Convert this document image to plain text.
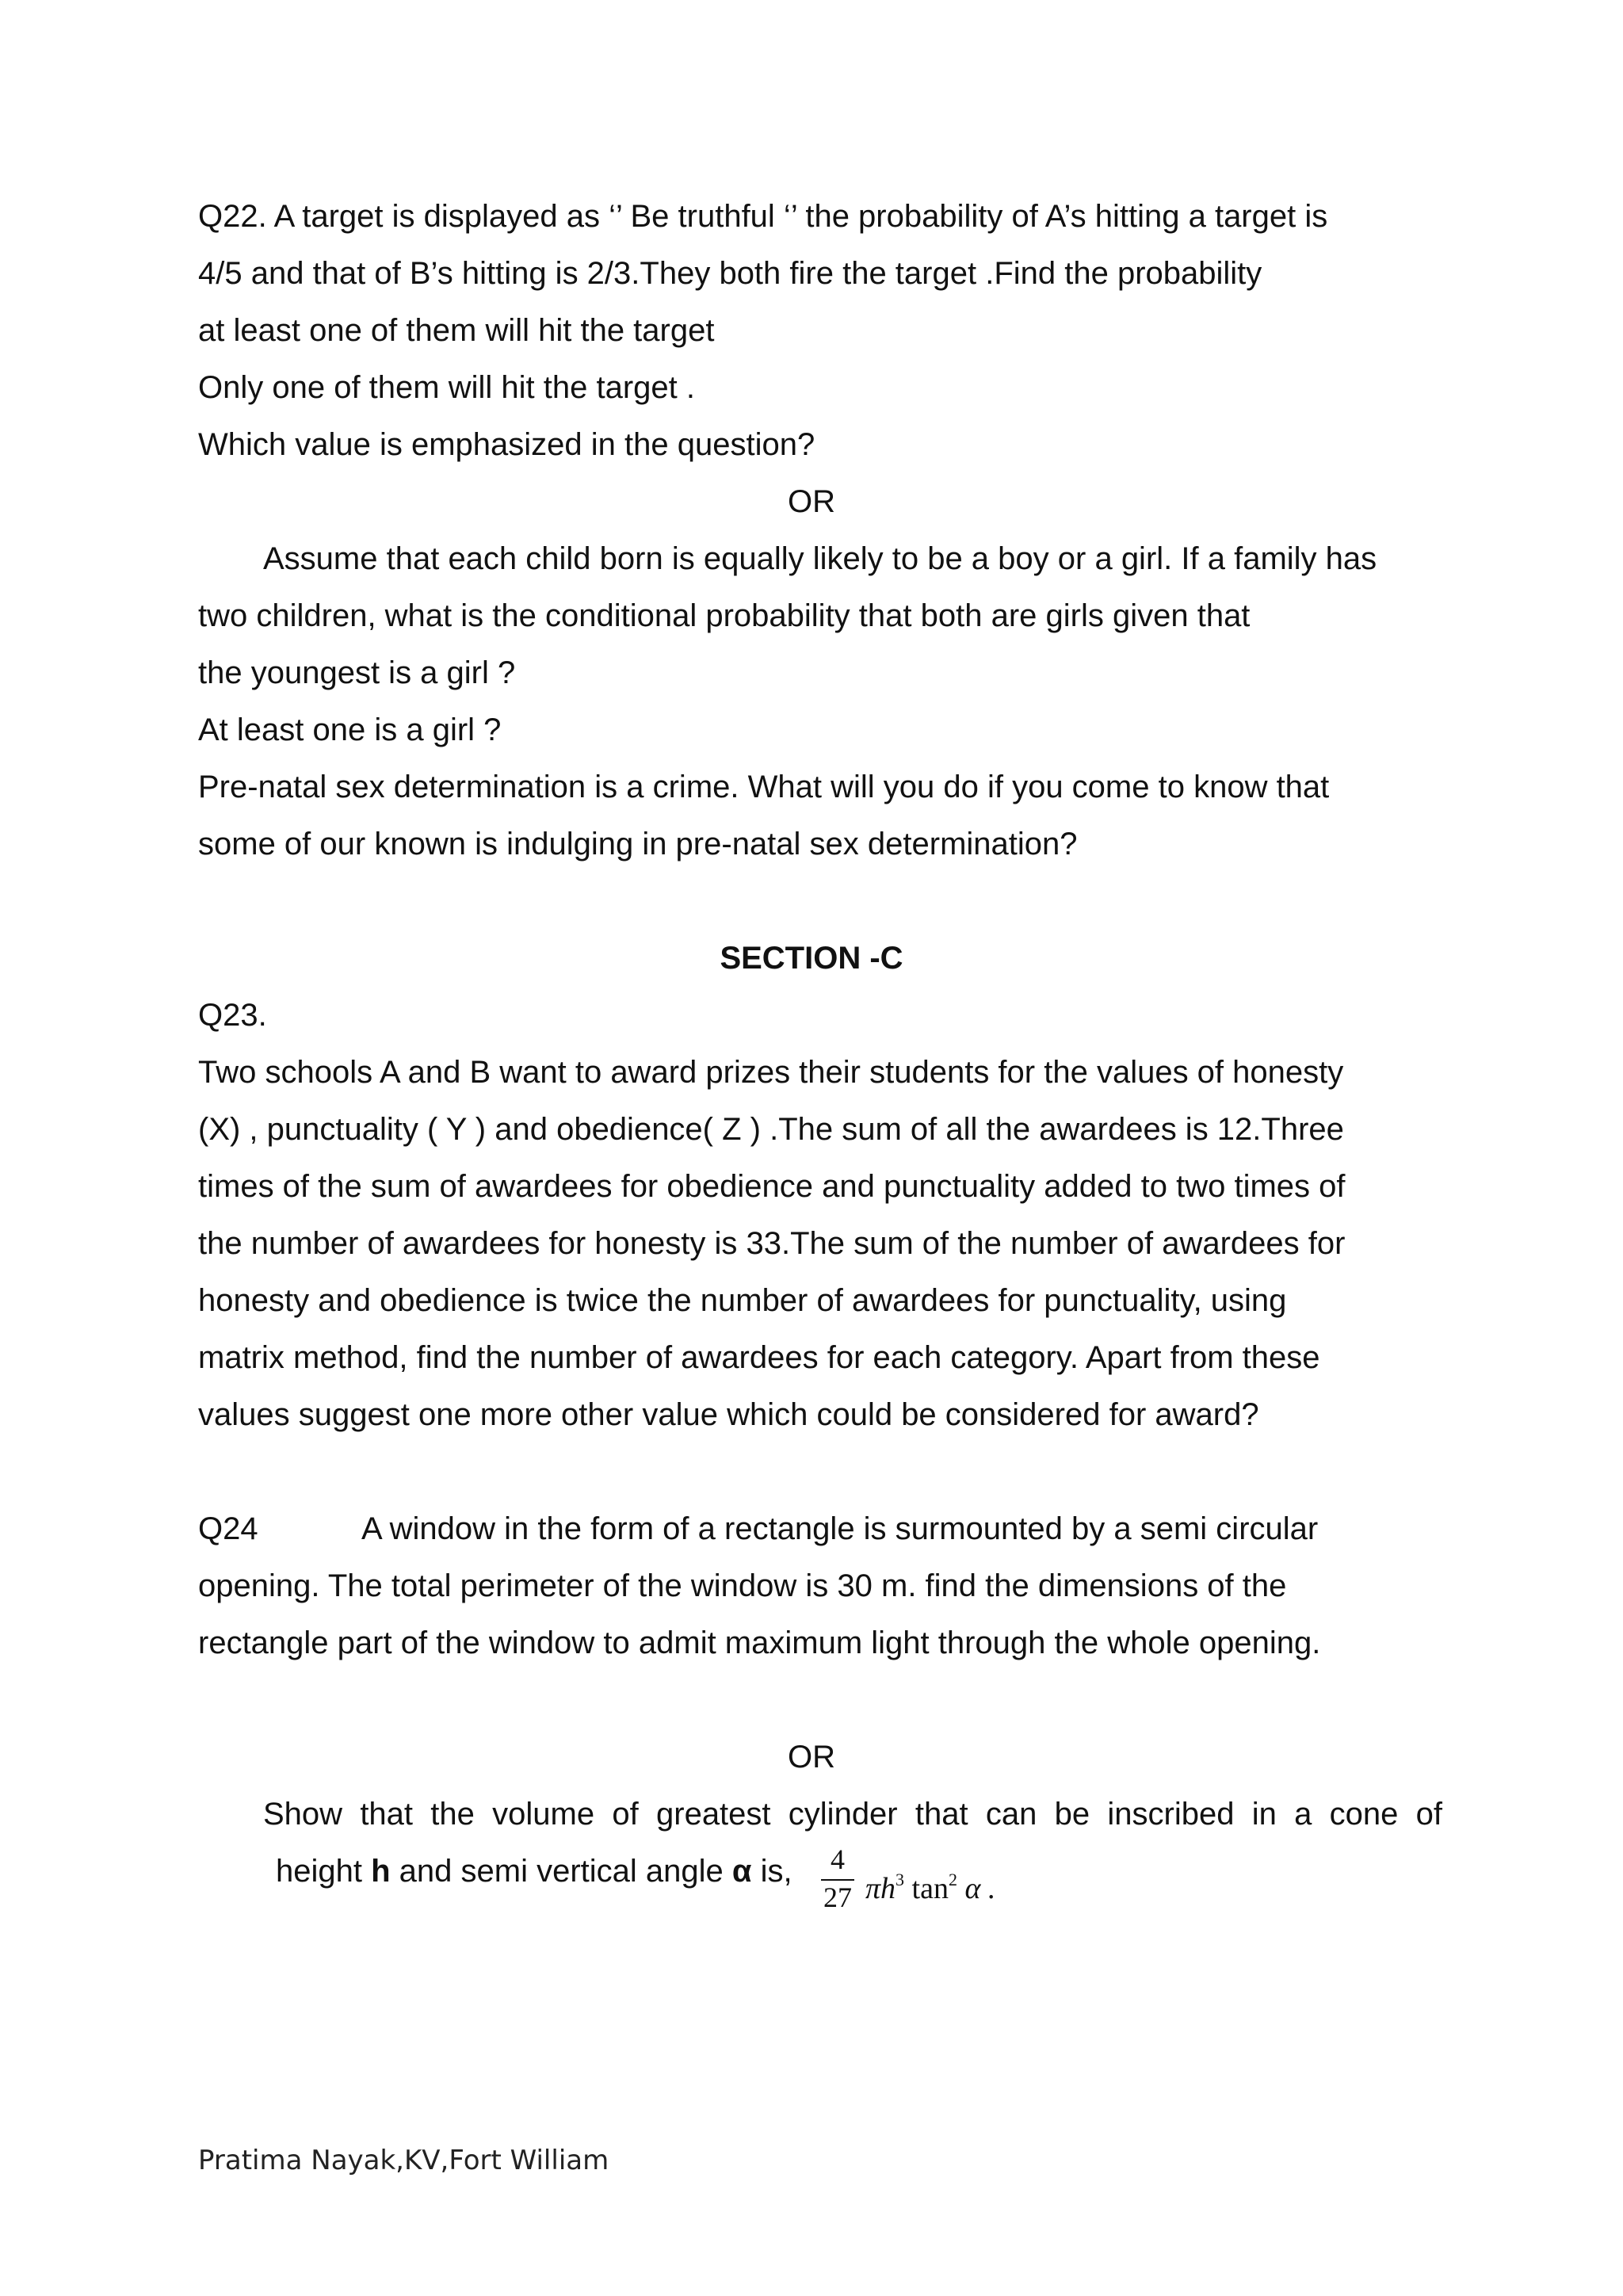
Q22. A target is displayed as ‘’ Be truthful ‘’ the probability of A’s hitting a target is
4/5 and that of B’s hitting is 2/3.They both fire the target .Find the probability
at least one of them will hit the target
Only one of them will hit the target .
Which value is emphasized in the question?
OR
Assume that each child born is equally likely to be a boy or a girl. If a family has
two children, what is the conditional probability that both are girls given that
the youngest is a girl ?
At least one is a girl ?
Pre-natal sex determination is a crime. What will you do if you come to know that
some of our known is indulging in pre-natal sex determination?
SECTION -C
Q23.
Two schools A and B want to award prizes their students for the values of honesty
(X) , punctuality ( Y ) and obedience( Z ) .The sum of all the awardees is 12.Three
times of the sum of awardees for obedience and punctuality added to two times of
the number of awardees for honesty is 33.The sum of the number of awardees for
honesty and obedience is twice the number of awardees for punctuality, using
matrix method, find the number of awardees for each category. Apart from these
values suggest one more other value which could be considered for award?
Q24	A window in the form of a rectangle is surmounted by a semi circular
opening. The total perimeter of the window is 30 m. find the dimensions of the
rectangle part of the window to admit maximum light through the whole opening.
OR
Show that the volume of greatest cylinder that can be inscribed in a cone of
height h and semi vertical angle α is,	4
27 $\pi h^3$ $\tan^2 \alpha$ .
Pratima Nayak,KV,Fort William
